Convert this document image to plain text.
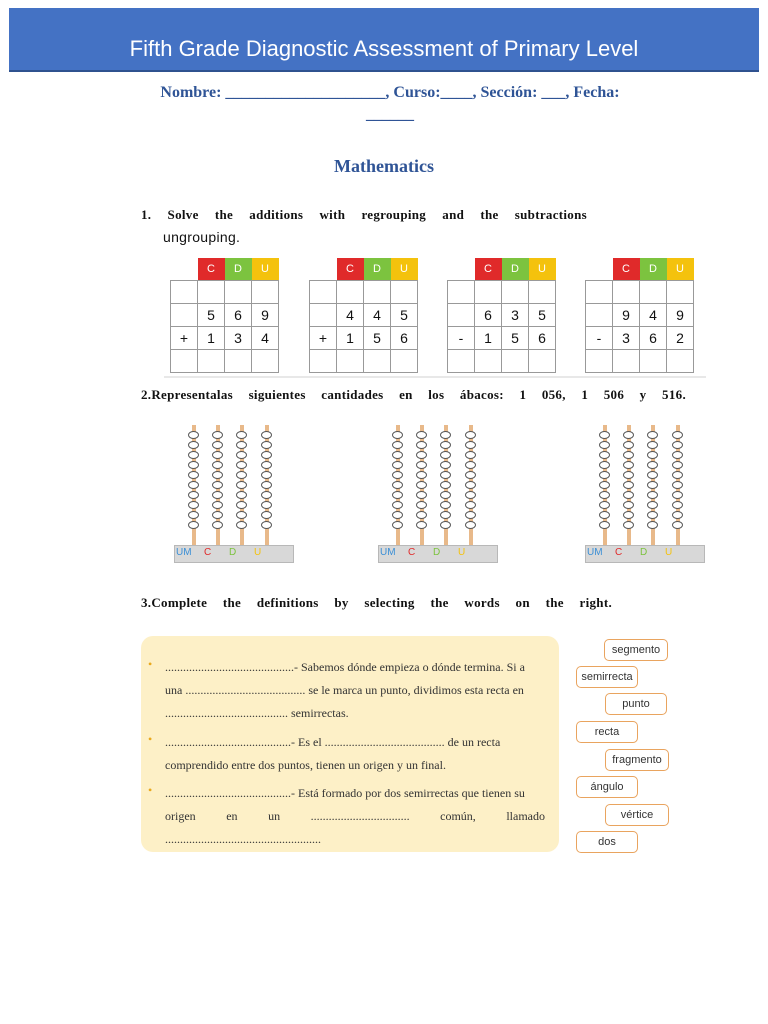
Fifth Grade Diagnostic Assessment of Primary Level
Nombre: ____________________, Curso:____, Sección: ___, Fecha:
______
Mathematics
1. Solve the additions with regrouping and the subtractions
ungrouping.
	C	D	U

	5	6	9
+	1	3	4

	C	D	U

	4	4	5
+	1	5	6

	C	D	U

	6	3	5
-	1	5	6

	C	D	U

	9	4	9
-	3	6	2

2.Representalas siguientes cantidades en los ábacos: 1 056, 1 506 y 516.
UM C D U	UM C D U	UM C D U
3.Complete the definitions by selecting the words on the right.
• ...........................................- Sabemos dónde empieza o dónde termina. Si a
una ........................................ se le marca un punto, dividimos esta recta en
......................................... semirrectas.
• ..........................................- Es el ........................................ de un recta
comprendido entre dos puntos, tienen un origen y un final.
• ..........................................- Está formado por dos semirrectas que tienen su
origen en un ................................. común, llamado ....................................................
segmento
semirrecta
punto
recta
fragmento
ángulo
vértice
dos
